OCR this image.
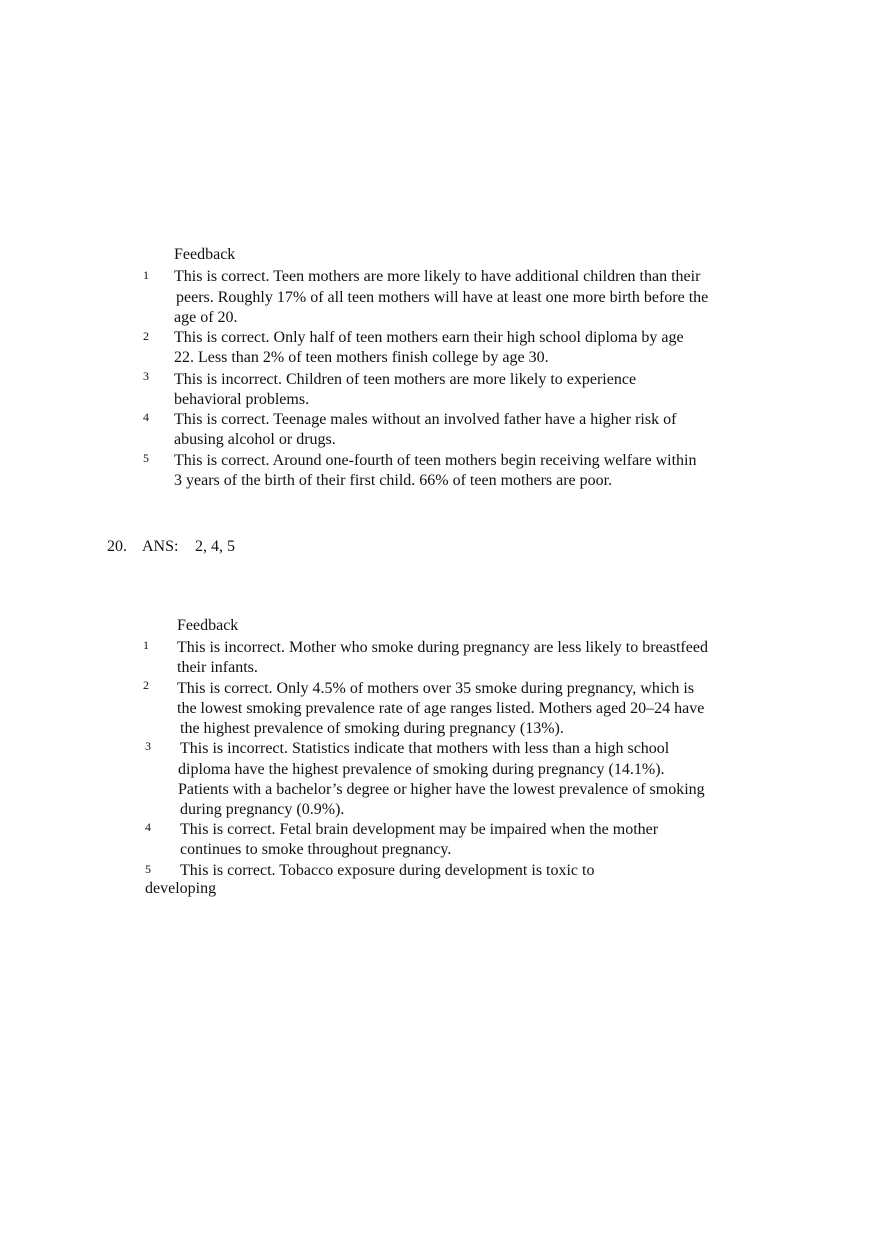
Feedback
1 This is correct. Teen mothers are more likely to have additional children than their
peers. Roughly 17% of all teen mothers will have at least one more birth before the
age of 20.
2 This is correct. Only half of teen mothers earn their high school diploma by age
22. Less than 2% of teen mothers finish college by age 30.
3 This is incorrect. Children of teen mothers are more likely to experience
behavioral problems.
4 This is correct. Teenage males without an involved father have a higher risk of
abusing alcohol or drugs.
5 This is correct. Around one-fourth of teen mothers begin receiving welfare within
3 years of the birth of their first child. 66% of teen mothers are poor.
20. ANS: 2, 4, 5
Feedback
1 This is incorrect. Mother who smoke during pregnancy are less likely to breastfeed
their infants.
2 This is correct. Only 4.5% of mothers over 35 smoke during pregnancy, which is
the lowest smoking prevalence rate of age ranges listed. Mothers aged 20–24 have
the highest prevalence of smoking during pregnancy (13%).
3 This is incorrect. Statistics indicate that mothers with less than a high school
diploma have the highest prevalence of smoking during pregnancy (14.1%).
Patients with a bachelor’s degree or higher have the lowest prevalence of smoking
during pregnancy (0.9%).
4 This is correct. Fetal brain development may be impaired when the mother
continues to smoke throughout pregnancy.
5 This is correct. Tobacco exposure during development is toxic to
developing
